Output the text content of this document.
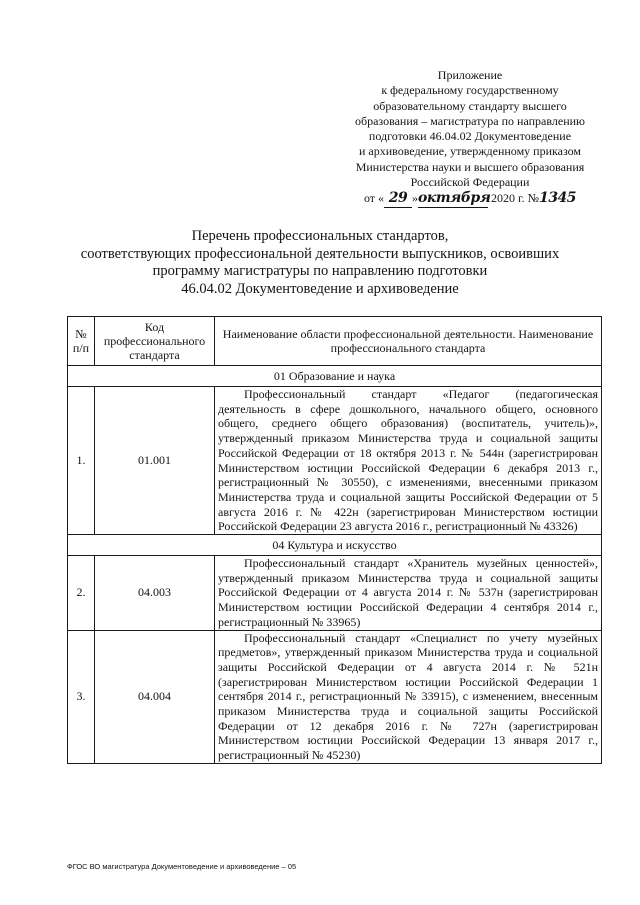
Приложение
к федеральному государственному
образовательному стандарту высшего
образования – магистратура по направлению
подготовки 46.04.02 Документоведение
и архивоведение, утвержденному приказом
Министерства науки и высшего образования
Российской Федерации
от « 29 »октября 2020 г. №1345
Перечень профессиональных стандартов,
соответствующих профессиональной деятельности выпускников, освоивших
программу магистратуры по направлению подготовки
46.04.02 Документоведение и архивоведение
№ п/п	Код профессионального стандарта	Наименование области профессиональной деятельности. Наименование профессионального стандарта
01 Образование и наука		
1.	01.001	Профессиональный стандарт «Педагог (педагогическая деятельность в сфере дошкольного, начального общего, основного общего, среднего общего образования) (воспитатель, учитель)», утвержденный приказом Министерства труда и социальной защиты Российской Федерации от 18 октября 2013 г. № 544н (зарегистрирован Министерством юстиции Российской Федерации 6 декабря 2013 г., регистрационный № 30550), с изменениями, внесенными приказом Министерства труда и социальной защиты Российской Федерации от 5 августа 2016 г. № 422н (зарегистрирован Министерством юстиции Российской Федерации 23 августа 2016 г., регистрационный № 43326)

04 Культура и искусство		
2.	04.003	Профессиональный стандарт «Хранитель музейных ценностей», утвержденный приказом Министерства труда и социальной защиты Российской Федерации от 4 августа 2014 г. № 537н (зарегистрирован Министерством юстиции Российской Федерации 4 сентября 2014 г., регистрационный № 33965)

3.	04.004	Профессиональный стандарт «Специалист по учету музейных предметов», утвержденный приказом Министерства труда и социальной защиты Российской Федерации от 4 августа 2014 г. № 521н (зарегистрирован Министерством юстиции Российской Федерации 1 сентября 2014 г., регистрационный № 33915), с изменением, внесенным приказом Министерства труда и социальной защиты Российской Федерации от 12 декабря 2016 г. № 727н (зарегистрирован Министерством юстиции Российской Федерации 13 января 2017 г., регистрационный № 45230)
ФГОС ВО магистратура Документоведение и архивоведение – 05
